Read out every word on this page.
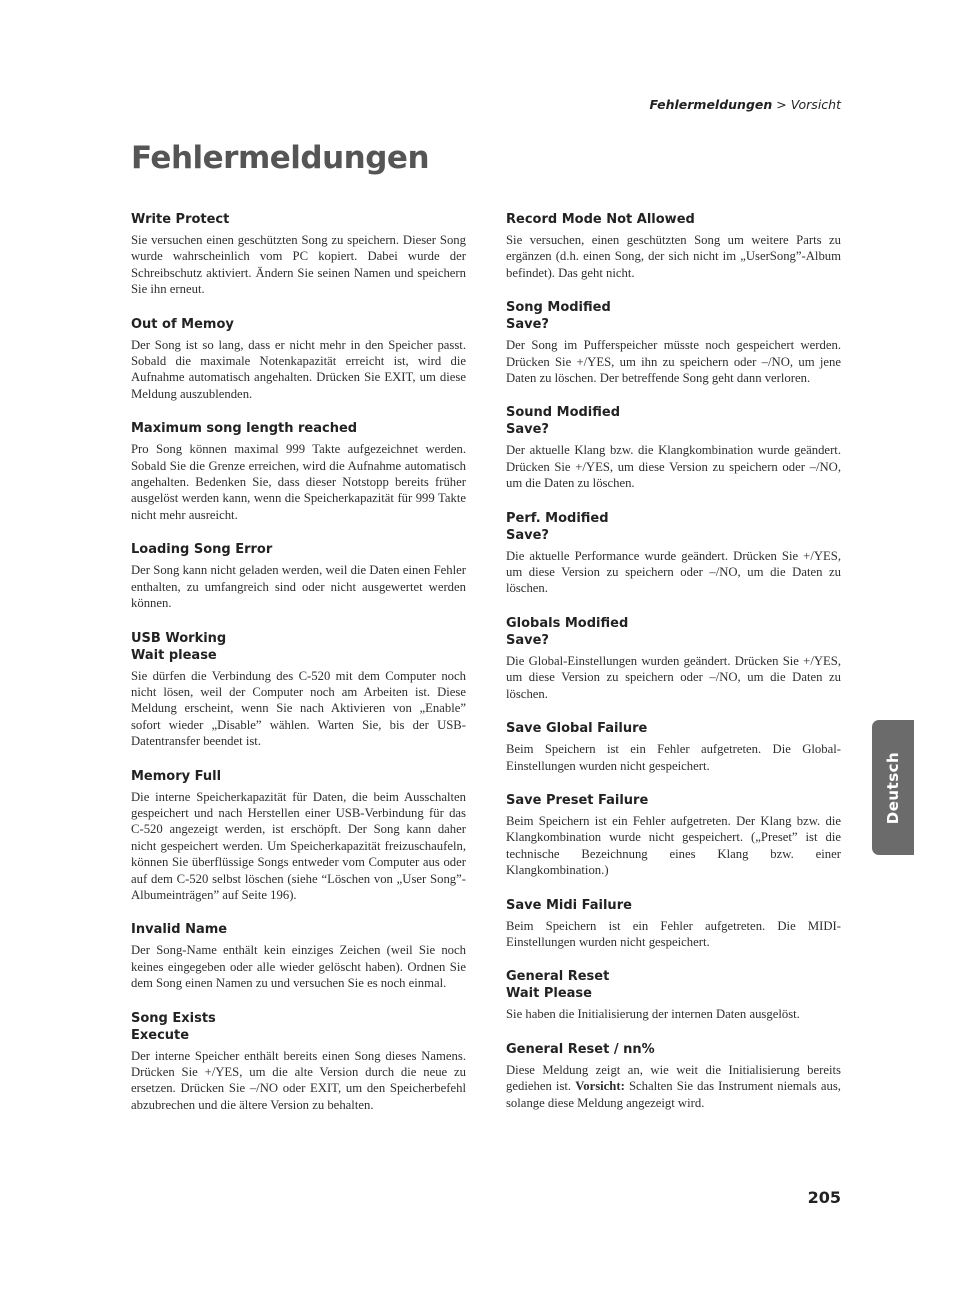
Fehlermeldungen > Vorsicht
Fehlermeldungen
Write Protect

Sie versuchen einen geschützten Song zu speichern. Dieser Song wurde wahrscheinlich vom PC kopiert. Dabei wurde der Schreibschutz aktiviert. Ändern Sie seinen Namen und speichern Sie ihn erneut.

Out of Memoy

Der Song ist so lang, dass er nicht mehr in den Speicher passt. Sobald die maximale Notenkapazität erreicht ist, wird die Aufnahme automatisch angehalten. Drücken Sie EXIT, um diese Meldung auszublenden.

Maximum song length reached

Pro Song können maximal 999 Takte aufgezeichnet werden. Sobald Sie die Grenze erreichen, wird die Aufnahme automatisch angehalten. Bedenken Sie, dass dieser Notstopp bereits früher ausgelöst werden kann, wenn die Speicherkapazität für 999 Takte nicht mehr ausreicht.

Loading Song Error

Der Song kann nicht geladen werden, weil die Daten einen Fehler enthalten, zu umfangreich sind oder nicht ausgewertet werden können.

USB Working
Wait please

Sie dürfen die Verbindung des C-520 mit dem Computer noch nicht lösen, weil der Computer noch am Arbeiten ist. Diese Meldung erscheint, wenn Sie nach Aktivieren von „Enable” sofort wieder „Disable” wählen. Warten Sie, bis der USB-Datentransfer beendet ist.

Memory Full

Die interne Speicherkapazität für Daten, die beim Ausschalten gespeichert und nach Herstellen einer USB-Verbindung für das C-520 angezeigt werden, ist erschöpft. Der Song kann daher nicht gespeichert werden. Um Speicherkapazität freizuschaufeln, können Sie überflüssige Songs entweder vom Computer aus oder auf dem C-520 selbst löschen (siehe “Löschen von „User Song”-Albumeinträgen” auf Seite 196).

Invalid Name

Der Song-Name enthält kein einziges Zeichen (weil Sie noch keines eingegeben oder alle wieder gelöscht haben). Ordnen Sie dem Song einen Namen zu und versuchen Sie es noch einmal.

Song Exists
Execute

Der interne Speicher enthält bereits einen Song dieses Namens. Drücken Sie +/YES, um die alte Version durch die neue zu ersetzen. Drücken Sie –/NO oder EXIT, um den Speicherbefehl abzubrechen und die ältere Version zu behalten.

Record Mode Not Allowed

Sie versuchen, einen geschützten Song um weitere Parts zu ergänzen (d.h. einen Song, der sich nicht im „UserSong”-Album befindet). Das geht nicht.

Song Modified
Save?

Der Song im Pufferspeicher müsste noch gespeichert werden. Drücken Sie +/YES, um ihn zu speichern oder –/NO, um jene Daten zu löschen. Der betreffende Song geht dann verloren.

Sound Modified
Save?

Der aktuelle Klang bzw. die Klangkombination wurde geändert. Drücken Sie +/YES, um diese Version zu speichern oder –/NO, um die Daten zu löschen.

Perf. Modified
Save?

Die aktuelle Performance wurde geändert. Drücken Sie +/YES, um diese Version zu speichern oder –/NO, um die Daten zu löschen.

Globals Modified
Save?

Die Global-Einstellungen wurden geändert. Drücken Sie +/YES, um diese Version zu speichern oder –/NO, um die Daten zu löschen.

Save Global Failure

Beim Speichern ist ein Fehler aufgetreten. Die Global-Einstellungen wurden nicht gespeichert.

Save Preset Failure

Beim Speichern ist ein Fehler aufgetreten. Der Klang bzw. die Klangkombination wurde nicht gespeichert. („Preset” ist die technische Bezeichnung eines Klang bzw. einer Klangkombination.)

Save Midi Failure

Beim Speichern ist ein Fehler aufgetreten. Die MIDI-Einstellungen wurden nicht gespeichert.

General Reset
Wait Please

Sie haben die Initialisierung der internen Daten ausgelöst.

General Reset / nn%

Diese Meldung zeigt an, wie weit die Initialisierung bereits gediehen ist. Vorsicht: Schalten Sie das Instrument niemals aus, solange diese Meldung angezeigt wird.

Deutsch
205
